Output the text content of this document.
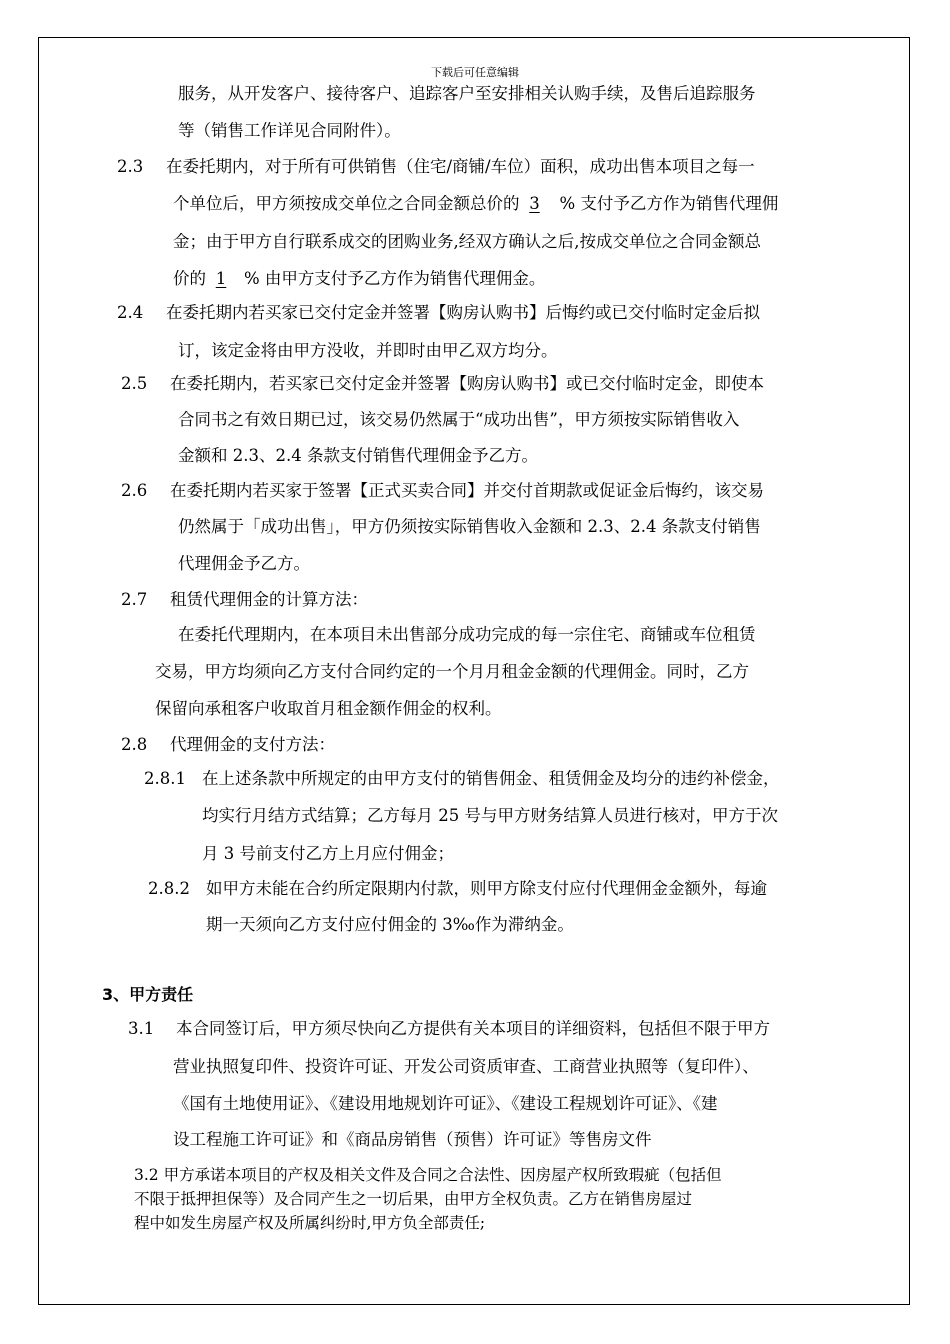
下载后可任意编辑
服务，从开发客户、接待客户、追踪客户至安排相关认购手续，及售后追踪服务
等（销售工作详见合同附件）。
2.3 在委托期内，对于所有可供销售（住宅/商铺/车位）面积，成功出售本项目之每一
个单位后，甲方须按成交单位之合同金额总价的 3 % 支付予乙方作为销售代理佣
金；由于甲方自行联系成交的团购业务,经双方确认之后,按成交单位之合同金额总
价的 1 % 由甲方支付予乙方作为销售代理佣金。
2.4 在委托期内若买家已交付定金并签署【购房认购书】后悔约或已交付临时定金后拟
订，该定金将由甲方没收，并即时由甲乙双方均分。
2.5 在委托期内，若买家已交付定金并签署【购房认购书】或已交付临时定金，即使本
合同书之有效日期已过，该交易仍然属于“成功出售”，甲方须按实际销售收入
金额和 2.3、2.4 条款支付销售代理佣金予乙方。
2.6 在委托期内若买家于签署【正式买卖合同】并交付首期款或促证金后悔约，该交易
仍然属于「成功出售」，甲方仍须按实际销售收入金额和 2.3、2.4 条款支付销售
代理佣金予乙方。
2.7 租赁代理佣金的计算方法：
在委托代理期内，在本项目未出售部分成功完成的每一宗住宅、商铺或车位租赁
交易，甲方均须向乙方支付合同约定的一个月月租金金额的代理佣金。同时，乙方
保留向承租客户收取首月租金额作佣金的权利。
2.8 代理佣金的支付方法：
2.8.1 在上述条款中所规定的由甲方支付的销售佣金、租赁佣金及均分的违约补偿金，
均实行月结方式结算；乙方每月 25 号与甲方财务结算人员进行核对，甲方于次
月 3 号前支付乙方上月应付佣金；
2.8.2 如甲方未能在合约所定限期内付款，则甲方除支付应付代理佣金金额外，每逾
期一天须向乙方支付应付佣金的 3‰作为滞纳金。
3、甲方责任
3.1 本合同签订后，甲方须尽快向乙方提供有关本项目的详细资料，包括但不限于甲方
营业执照复印件、投资许可证、开发公司资质审查、工商营业执照等（复印件）、
《国有土地使用证》、《建设用地规划许可证》、《建设工程规划许可证》、《建
设工程施工许可证》和《商品房销售（预售）许可证》等售房文件
3.2 甲方承诺本项目的产权及相关文件及合同之合法性、因房屋产权所致瑕疵（包括但
不限于抵押担保等）及合同产生之一切后果，由甲方全权负责。乙方在销售房屋过
程中如发生房屋产权及所属纠纷时,甲方负全部责任;
